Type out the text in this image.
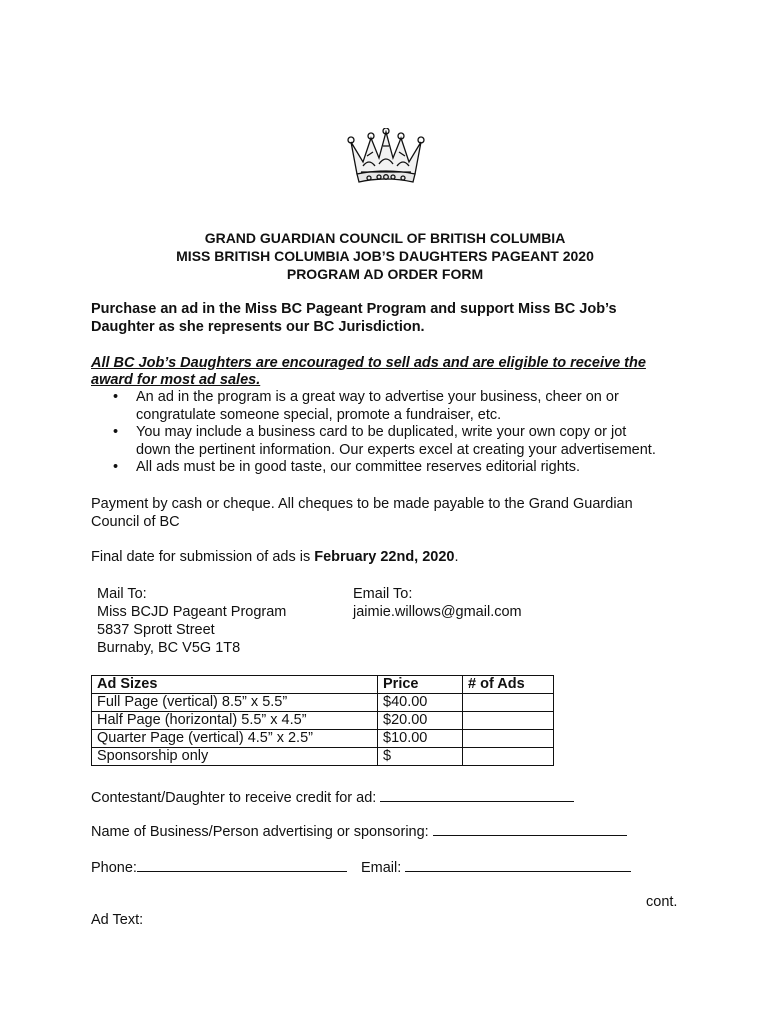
GRAND GUARDIAN COUNCIL OF BRITISH COLUMBIA
MISS BRITISH COLUMBIA JOB’S DAUGHTERS PAGEANT 2020
PROGRAM AD ORDER FORM
Purchase an ad in the Miss BC Pageant Program and support Miss BC Job’s
Daughter as she represents our BC Jurisdiction.
All BC Job’s Daughters are encouraged to sell ads and are eligible to receive the
award for most ad sales.
• An ad in the program is a great way to advertise your business, cheer on or
congratulate someone special, promote a fundraiser, etc.
• You may include a business card to be duplicated, write your own copy or jot
down the pertinent information. Our experts excel at creating your advertisement.
• All ads must be in good taste, our committee reserves editorial rights.
Payment by cash or cheque. All cheques to be made payable to the Grand Guardian
Council of BC
Final date for submission of ads is February 22nd, 2020.
Mail To:
Miss BCJD Pageant Program
5837 Sprott Street
Burnaby, BC V5G 1T8
Email To:
jaimie.willows@gmail.com
Ad Sizes	Price	# of Ads
Full Page (vertical) 8.5” x 5.5”	$40.00	
Half Page (horizontal) 5.5” x 4.5”	$20.00	
Quarter Page (vertical) 4.5” x 2.5”	$10.00	
Sponsorship only	$	
Contestant/Daughter to receive credit for ad:
Name of Business/Person advertising or sponsoring:
Phone:	Email:
cont.
Ad Text:
